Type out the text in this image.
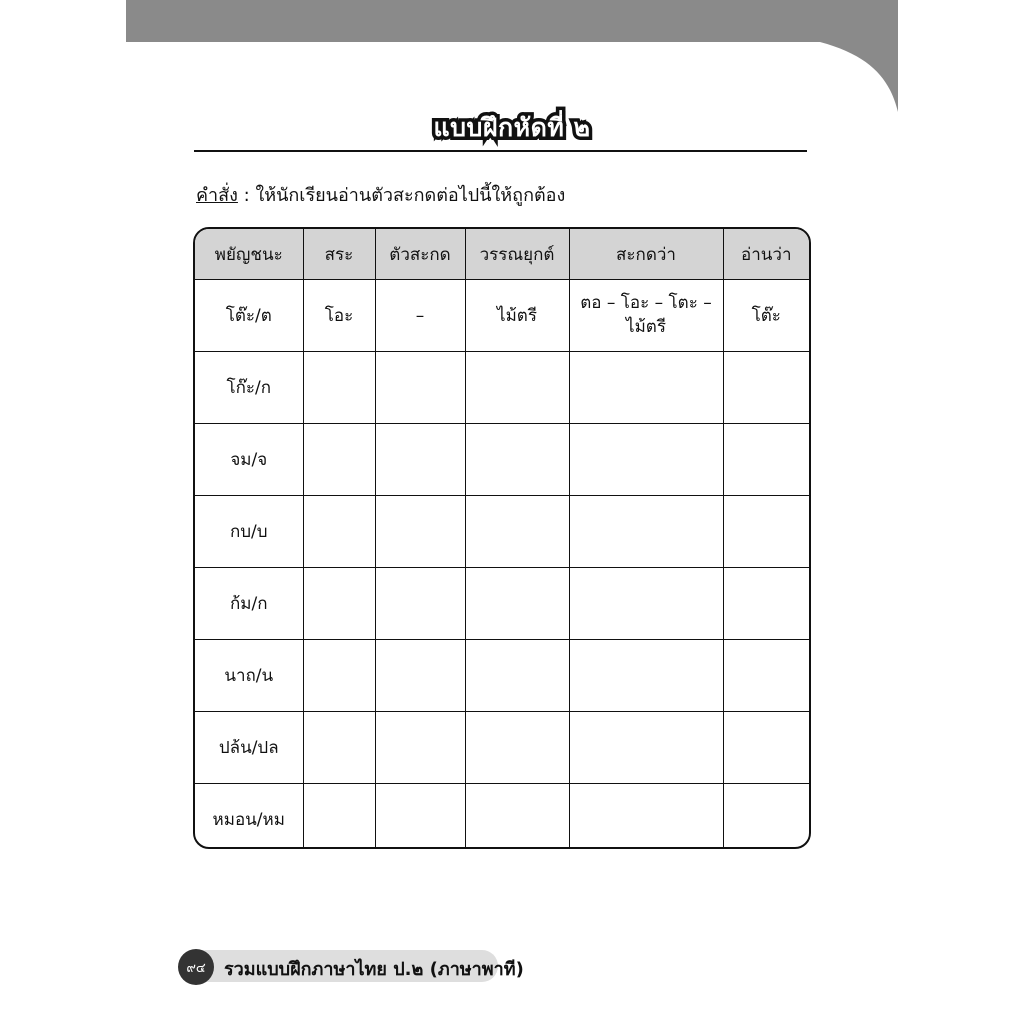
แบบฝึกหัดที่ ๒
คำสั่ง : ให้นักเรียนอ่านตัวสะกดต่อไปนี้ให้ถูกต้อง
พยัญชนะ	สระ	ตัวสะกด	วรรณยุกต์	สะกดว่า	อ่านว่า
โต๊ะ/ต	โอะ	–	ไม้ตรี	ตอ – โอะ – โตะ – ไม้ตรี	โต๊ะ
โก๊ะ/ก					
จม/จ					
กบ/บ					
ก้ม/ก					
นาถ/น					
ปล้น/ปล					
หมอน/หม					
๙๔	รวมแบบฝึกภาษาไทย ป.๒ (ภาษาพาที)
